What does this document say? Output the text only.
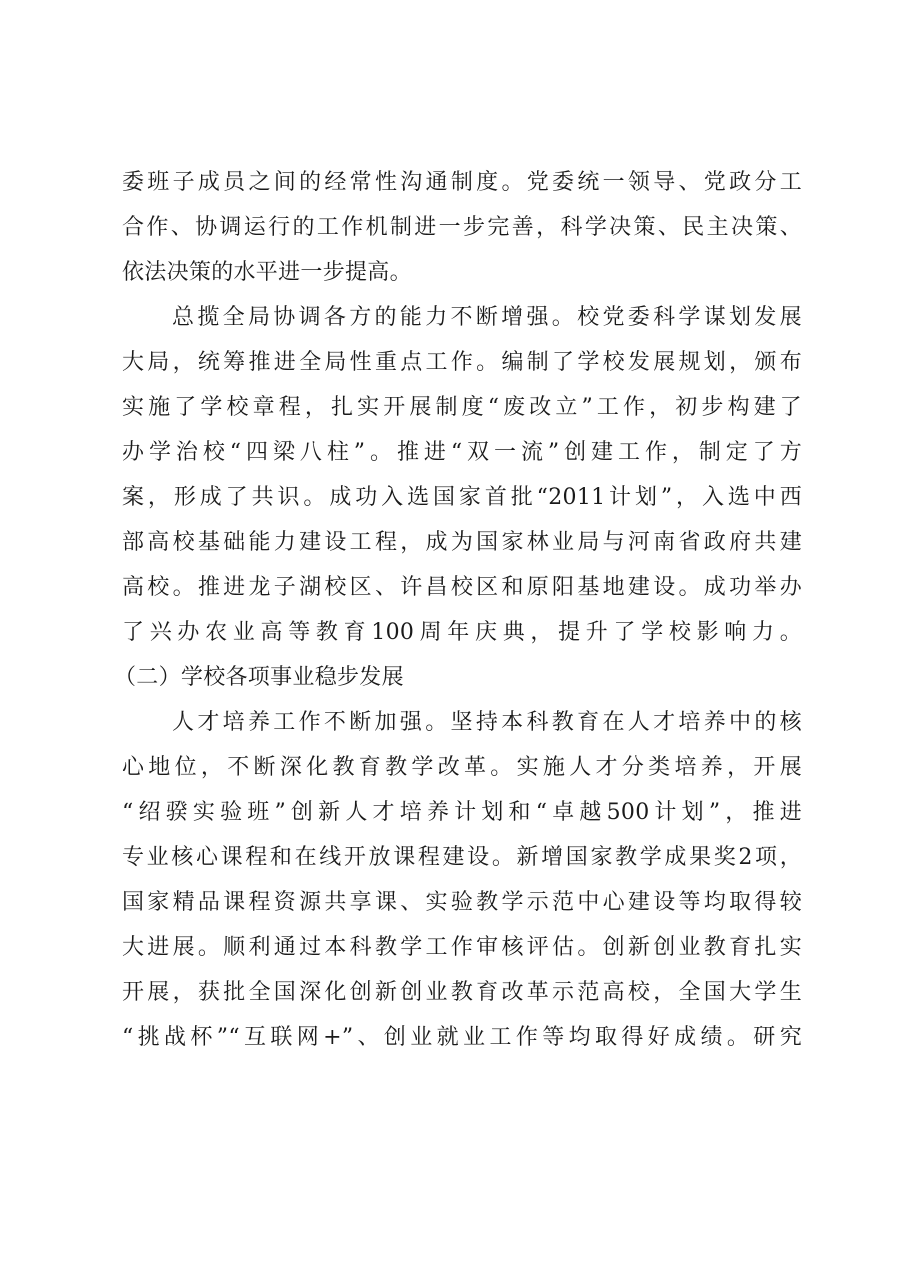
委班子成员之间的经常性沟通制度。党委统一领导、党政分工
合作、协调运行的工作机制进一步完善，科学决策、民主决策、
依法决策的水平进一步提高。
总揽全局协调各方的能力不断增强。校党委科学谋划发展
大局，统筹推进全局性重点工作。编制了学校发展规划，颁布
实施了学校章程，扎实开展制度“废改立”工作，初步构建了
办学治校“四梁八柱”。推进“双一流”创建工作，制定了方
案，形成了共识。成功入选国家首批“2011计划”，入选中西
部高校基础能力建设工程，成为国家林业局与河南省政府共建
高校。推进龙子湖校区、许昌校区和原阳基地建设。成功举办
了兴办农业高等教育100周年庆典，提升了学校影响力。
（二）学校各项事业稳步发展
人才培养工作不断加强。坚持本科教育在人才培养中的核
心地位，不断深化教育教学改革。实施人才分类培养，开展
“绍骙实验班”创新人才培养计划和“卓越500计划”，推进
专业核心课程和在线开放课程建设。新增国家教学成果奖2项，
国家精品课程资源共享课、实验教学示范中心建设等均取得较
大进展。顺利通过本科教学工作审核评估。创新创业教育扎实
开展，获批全国深化创新创业教育改革示范高校，全国大学生
“挑战杯”“互联网+”、创业就业工作等均取得好成绩。研究
